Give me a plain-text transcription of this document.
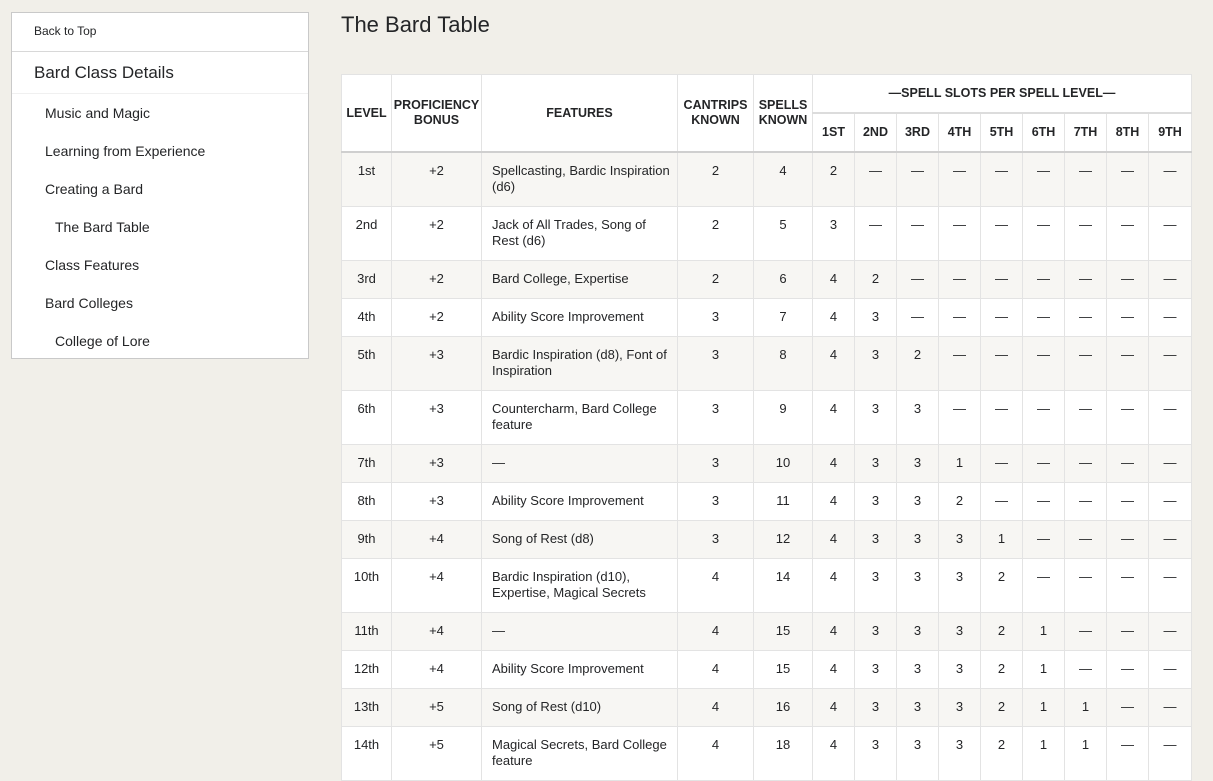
Back to Top
Bard Class Details
Music and Magic
Learning from Experience
Creating a Bard
The Bard Table
Class Features
Bard Colleges
College of Lore
The Bard Table
LEVEL	PROFICIENCY BONUS	FEATURES	CANTRIPS KNOWN	SPELLS KNOWN	—SPELL SLOTS PER SPELL LEVEL—								
					1ST	2ND	3RD	4TH	5TH	6TH	7TH	8TH	9TH
1st	+2	Spellcasting, Bardic Inspiration (d6)	2	4	2	—	—	—	—	—	—	—	—
2nd	+2	Jack of All Trades, Song of Rest (d6)	2	5	3	—	—	—	—	—	—	—	—
3rd	+2	Bard College, Expertise	2	6	4	2	—	—	—	—	—	—	—
4th	+2	Ability Score Improvement	3	7	4	3	—	—	—	—	—	—	—
5th	+3	Bardic Inspiration (d8), Font of Inspiration	3	8	4	3	2	—	—	—	—	—	—
6th	+3	Countercharm, Bard College feature	3	9	4	3	3	—	—	—	—	—	—
7th	+3	—	3	10	4	3	3	1	—	—	—	—	—
8th	+3	Ability Score Improvement	3	11	4	3	3	2	—	—	—	—	—
9th	+4	Song of Rest (d8)	3	12	4	3	3	3	1	—	—	—	—
10th	+4	Bardic Inspiration (d10), Expertise, Magical Secrets	4	14	4	3	3	3	2	—	—	—	—
11th	+4	—	4	15	4	3	3	3	2	1	—	—	—
12th	+4	Ability Score Improvement	4	15	4	3	3	3	2	1	—	—	—
13th	+5	Song of Rest (d10)	4	16	4	3	3	3	2	1	1	—	—
14th	+5	Magical Secrets, Bard College feature	4	18	4	3	3	3	2	1	1	—	—
